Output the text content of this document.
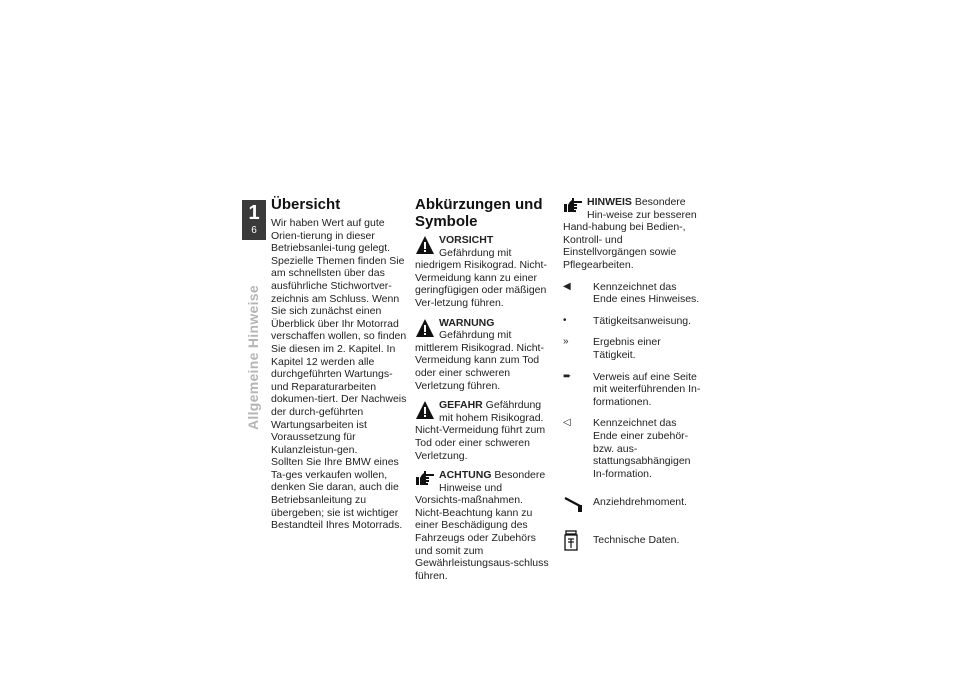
1
6
Allgemeine Hinweise
Übersicht

Wir haben Wert auf gute Orien-tierung in dieser Betriebsanlei-tung gelegt. Spezielle Themen finden Sie am schnellsten über das ausführliche Stichwortver-zeichnis am Schluss. Wenn Sie sich zunächst einen Überblick über Ihr Motorrad verschaffen wollen, so finden Sie diesen im 2. Kapitel. In Kapitel 12 werden alle durchgeführten Wartungs- und Reparaturarbeiten dokumen-tiert. Der Nachweis der durch-geführten Wartungsarbeiten ist Voraussetzung für Kulanzleistun-gen.

Sollten Sie Ihre BMW eines Ta-ges verkaufen wollen, denken Sie daran, auch die Betriebsanleitung zu übergeben; sie ist wichtiger Bestandteil Ihres Motorrads.

Abkürzungen und Symbole
VORSICHT Gefährdung mit niedrigem Risikograd. Nicht-Vermeidung kann zu einer geringfügigen oder mäßigen Ver-letzung führen.
WARNUNG Gefährdung mit mittlerem Risikograd. Nicht-Vermeidung kann zum Tod oder einer schweren Verletzung führen.
GEFAHR Gefährdung mit hohem Risikograd. Nicht-Vermeidung führt zum Tod oder einer schweren Verletzung.
ACHTUNG Besondere Hinweise und Vorsichts-maßnahmen. Nicht-Beachtung kann zu einer Beschädigung des Fahrzeugs oder Zubehörs und somit zum Gewährleistungsaus-schluss führen.
HINWEIS Besondere Hin-weise zur besseren Hand-habung bei Bedien-, Kontroll- und Einstellvorgängen sowie Pflegearbeiten.
◀	Kennzeichnet das Ende eines Hinweises.
•	Tätigkeitsanweisung.
»	Ergebnis einer Tätigkeit.
➨	Verweis auf eine Seite mit weiterführenden In-formationen.
◁	Kennzeichnet das Ende einer zubehör- bzw. aus-stattungsabhängigen In-formation.
Anziehdrehmoment.
Technische Daten.
